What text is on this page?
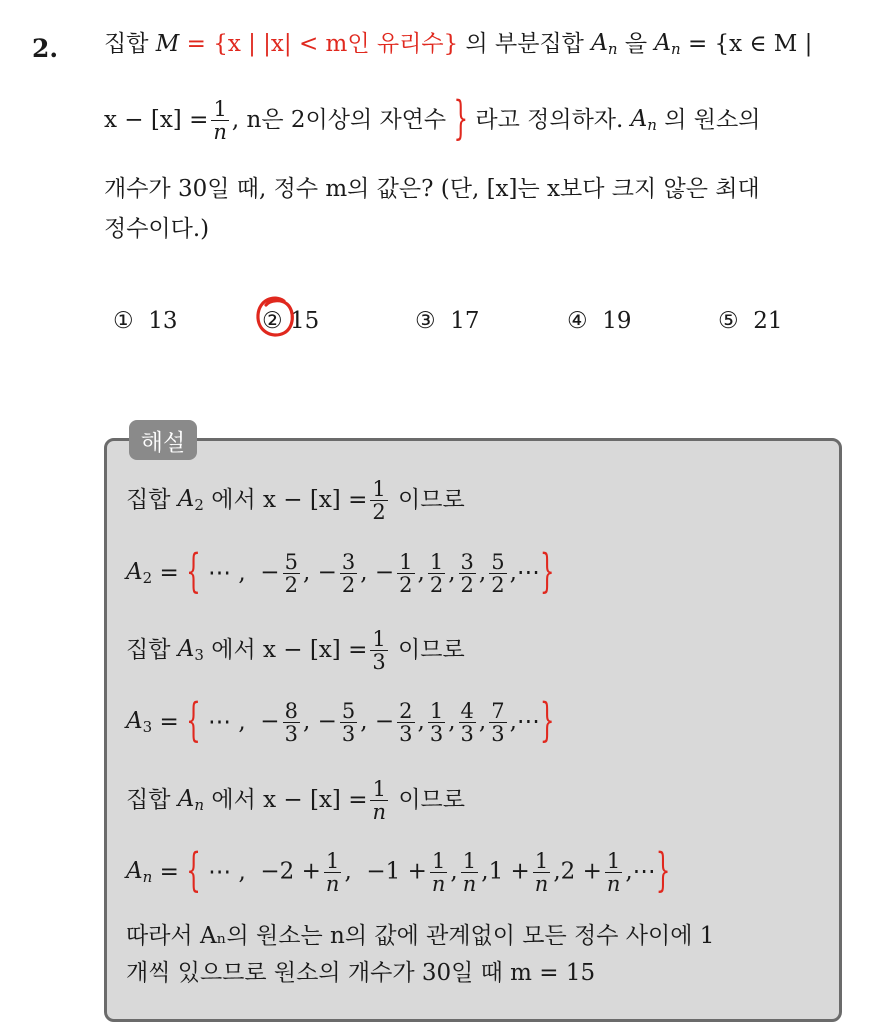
2. 집합
M
= {x | |x| < m인 유리수}
의 부분집합
$A_n$
을
$A_n$
= {x ∈ M |
$x - [x] = \frac{1}{n}$ , n은 2이상의 자연수
}
라고 정의하자.
$A_n$
의 원소의
개수가 30일 때, 정수 m의 값은? (단, [x]는 x보다 크지 않은 최대
정수이다.)
① 13	② 15	③ 17	④ 19	⑤ 21
해설
집합
$A_2$
에서 $x - [x] = \frac{1}{2}$
이므로
$A_2$
=
{
⋯ ,
− $\frac{5}{2}$ ,
− $\frac{3}{2}$ ,
− $\frac{1}{2}$ , $\frac{1}{2}$ , $\frac{3}{2}$ , $\frac{5}{2}$ ,⋯ }
집합
$A_3$
에서 $x - [x] = \frac{1}{3}$
이므로
$A_3$
=
{
⋯ ,
− $\frac{8}{3}$ ,
− $\frac{5}{3}$ ,
− $\frac{2}{3}$ , $\frac{1}{3}$ , $\frac{4}{3}$ , $\frac{7}{3}$ ,⋯ }
집합
$A_n$
에서 $x - [x] = \frac{1}{n}$
이므로
$A_n$
=
{
⋯ ,
$-2 + \frac{1}{n}$ ,
$-1 + \frac{1}{n}$ , $\frac{1}{n}$ , $1 + \frac{1}{n}$ , $2 + \frac{1}{n}$ ,⋯ }
따라서 Aₙ의 원소는 n의 값에 관계없이 모든 정수 사이에 1
개씩 있으므로 원소의 개수가 30일 때 m = 15
